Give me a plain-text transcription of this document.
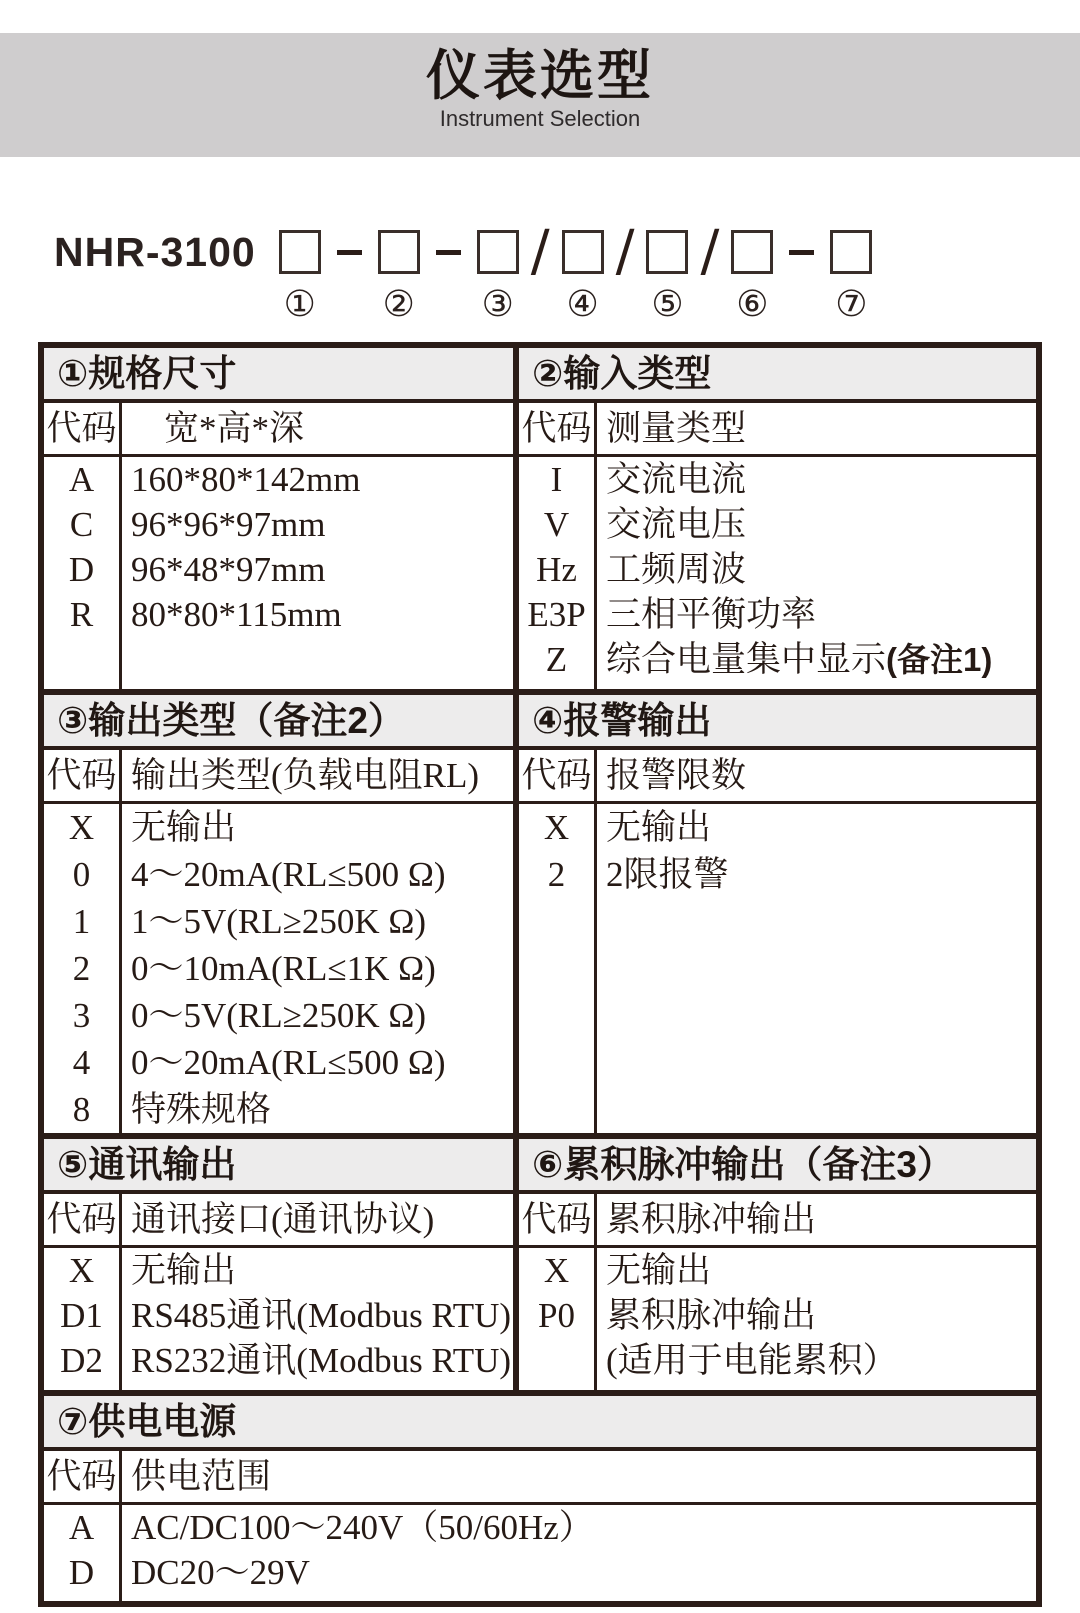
仪表选型
Instrument Selection
NHR-3100
① ② ③
/
④
/
⑤
/
⑥ ⑦
①规格尺寸
代码	宽*高*深
A
C
D
R
160*80*142mm
96*96*97mm
96*48*97mm
80*80*115mm
②输入类型
代码 测量类型
I
V
Hz
E3P
Z
交流电流
交流电压
工频周波
三相平衡功率
综合电量集中显示(备注1)
③输出类型（备注2）
代码 输出类型(负载电阻RL)
X
0
1
2
3
4
8
无输出
4～20mA(RL≤500 Ω)
1～5V(RL≥250K Ω)
0～10mA(RL≤1K Ω)
0～5V(RL≥250K Ω)
0～20mA(RL≤500 Ω)
特殊规格
④报警输出
代码 报警限数
X
2
无输出
2限报警
⑤通讯输出
代码 通讯接口(通讯协议)
X
D1
D2
无输出
RS485通讯(Modbus RTU)
RS232通讯(Modbus RTU)
⑥累积脉冲输出（备注3）
代码 累积脉冲输出
X
P0
无输出
累积脉冲输出
(适用于电能累积）
⑦供电电源
代码 供电范围
A
D
AC/DC100～240V（50/60Hz）
DC20～29V
